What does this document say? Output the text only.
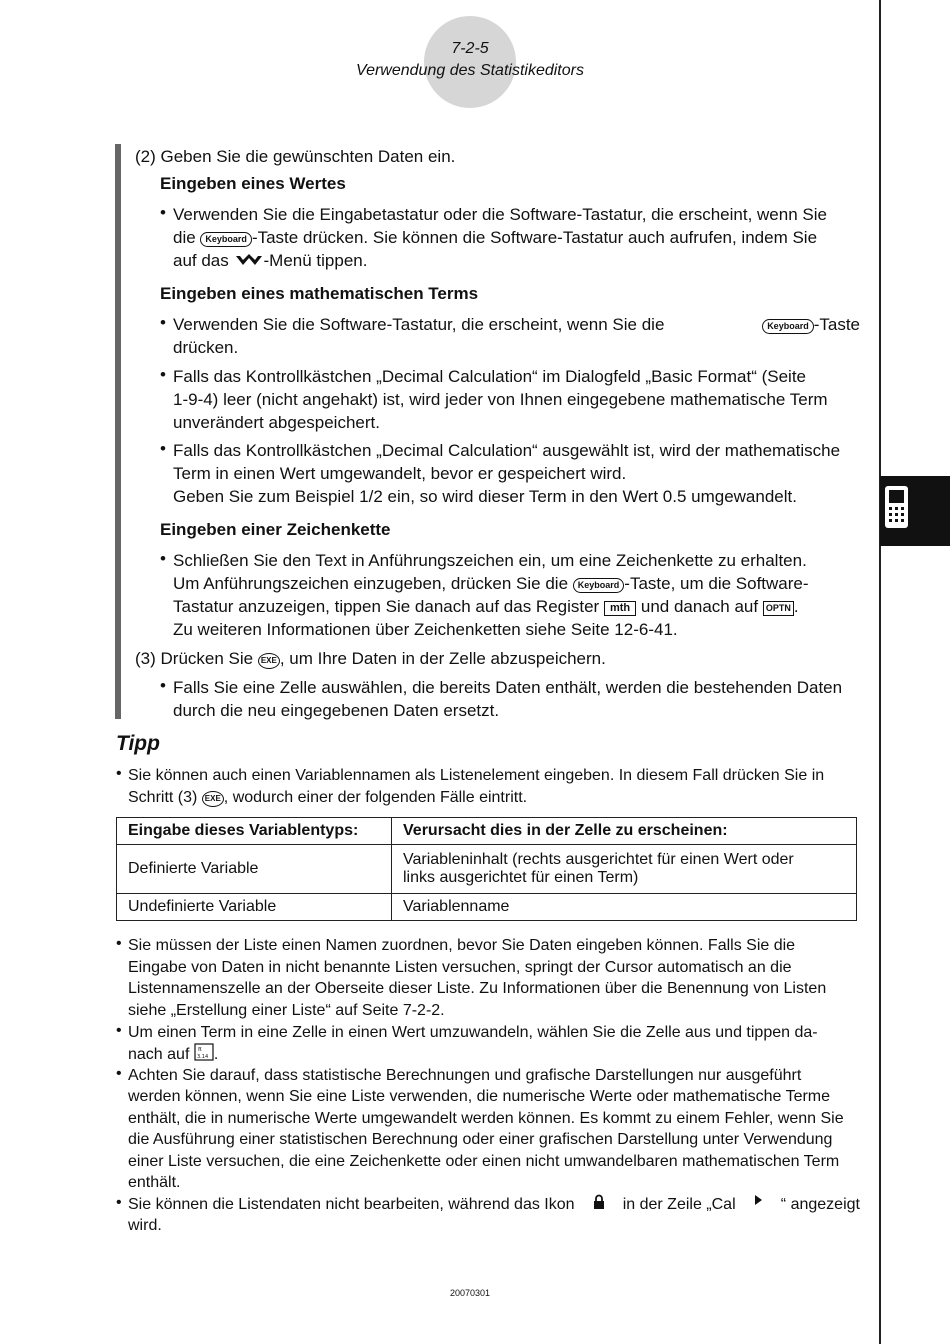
7-2-5
Verwendung des Statistikeditors

(2) Geben Sie die gewünschten Daten ein.

Eingeben eines Wertes

• Verwenden Sie die Eingabetastatur oder die Software-Tastatur, die erscheint, wenn Sie

die Keyboard -Taste drücken. Sie können die Software-Tastatur auch aufrufen, indem Sie

auf das -Menü tippen.

Eingeben eines mathematischen Terms

• Verwenden Sie die Software-Tastatur, die erscheint, wenn Sie die	Keyboard -Taste

drücken.

• Falls das Kontrollkästchen „Decimal Calculation“ im Dialogfeld „Basic Format“ (Seite

1-9-4) leer (nicht angehakt) ist, wird jeder von Ihnen eingegebene mathematische Term

unverändert abgespeichert.

• Falls das Kontrollkästchen „Decimal Calculation“ ausgewählt ist, wird der mathematische

Term in einen Wert umgewandelt, bevor er gespeichert wird.

Geben Sie zum Beispiel 1/2 ein, so wird dieser Term in den Wert 0.5 umgewandelt.

Eingeben einer Zeichenkette

• Schließen Sie den Text in Anführungszeichen ein, um eine Zeichenkette zu erhalten.

Um Anführungszeichen einzugeben, drücken Sie die Keyboard -Taste, um die Software-

Tastatur anzuzeigen, tippen Sie danach auf das Register mth und danach auf OPTN .

Zu weiteren Informationen über Zeichenketten siehe Seite 12-6-41.

(3) Drücken Sie EXE , um Ihre Daten in der Zelle abzuspeichern.

• Falls Sie eine Zelle auswählen, die bereits Daten enthält, werden die bestehenden Daten

durch die neu eingegebenen Daten ersetzt.

Tipp
• Sie können auch einen Variablennamen als Listenelement eingeben. In diesem Fall drücken Sie in

Schritt (3) EXE , wodurch einer der folgenden Fälle eintritt.

Eingabe dieses Variablentyps:	Verursacht dies in der Zelle zu erscheinen:
Definierte Variable	Variableninhalt (rechts ausgerichtet für einen Wert oder
links ausgerichtet für einen Term)
Undefinierte Variable	Variablenname
• Sie müssen der Liste einen Namen zuordnen, bevor Sie Daten eingeben können. Falls Sie die

Eingabe von Daten in nicht benannte Listen versuchen, springt der Cursor automatisch an die

Listennamenszelle an der Oberseite dieser Liste. Zu Informationen über die Benennung von Listen

siehe „Erstellung einer Liste“ auf Seite 7-2-2.

• Um einen Term in eine Zelle in einen Wert umzuwandeln, wählen Sie die Zelle aus und tippen da-

nach auf π
3.14 .

• Achten Sie darauf, dass statistische Berechnungen und grafische Darstellungen nur ausgeführt

werden können, wenn Sie eine Liste verwenden, die numerische Werte oder mathematische Terme

enthält, die in numerische Werte umgewandelt werden können. Es kommt zu einem Fehler, wenn Sie

die Ausführung einer statistischen Berechnung oder einer grafischen Darstellung unter Verwendung

einer Liste versuchen, die eine Zeichenkette oder einen nicht umwandelbaren mathematischen Term

enthält.

• Sie können die Listendaten nicht bearbeiten, während das Ikon	in der Zeile „Cal	“ angezeigt

wird.

20070301
